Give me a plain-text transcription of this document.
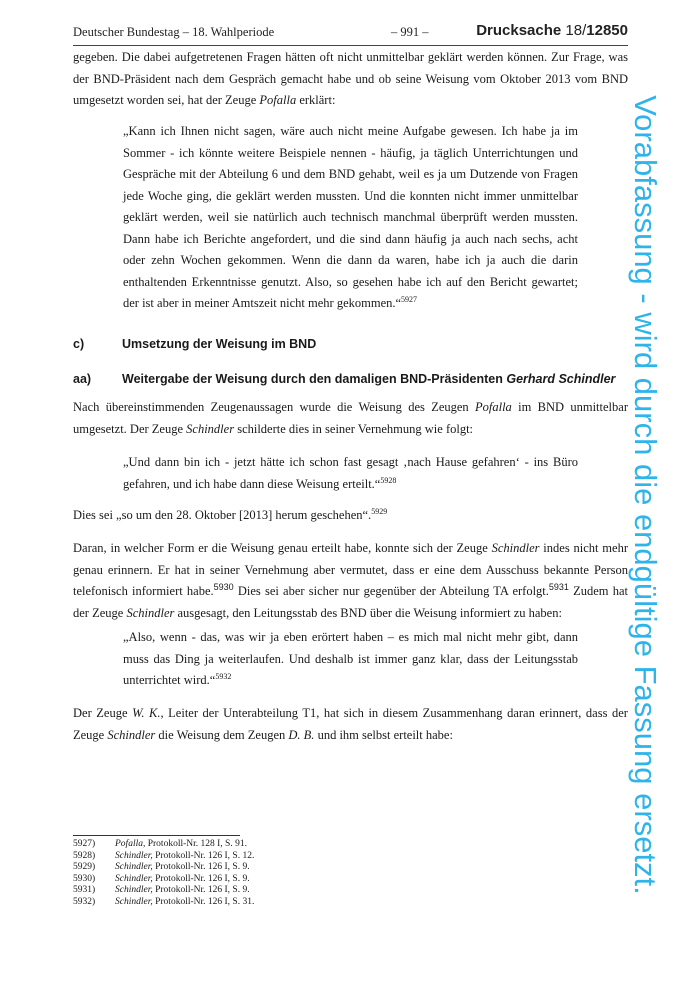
Deutscher Bundestag – 18. Wahlperiode	– 991 –	Drucksache 18/12850
gegeben. Die dabei aufgetretenen Fragen hätten oft nicht unmittelbar geklärt werden können. Zur Frage, was der BND-Präsident nach dem Gespräch gemacht habe und ob seine Weisung vom Oktober 2013 vom BND umgesetzt worden sei, hat der Zeuge Pofalla erklärt:
„Kann ich Ihnen nicht sagen, wäre auch nicht meine Aufgabe gewesen. Ich habe ja im Sommer - ich könnte weitere Beispiele nennen - häufig, ja täglich Unterrichtungen und Gespräche mit der Abteilung 6 und dem BND gehabt, weil es ja um Dutzende von Fragen jede Woche ging, die geklärt werden mussten. Und die konnten nicht immer unmittelbar geklärt werden, weil sie natürlich auch technisch manchmal überprüft werden mussten. Dann habe ich Berichte angefordert, und die sind dann häufig ja auch nach sechs, acht oder zehn Wochen gekommen. Wenn die dann da waren, habe ich ja auch die darin enthaltenden Erkenntnisse genutzt. Also, so gesehen habe ich auf den Bericht gewartet; der ist aber in meiner Amtszeit nicht mehr gekommen.“$^{5927}$
c)	Umsetzung der Weisung im BND
aa) Weitergabe der Weisung durch den damaligen BND-Präsidenten Gerhard Schindler
Nach übereinstimmenden Zeugenaussagen wurde die Weisung des Zeugen Pofalla im BND unmittelbar umgesetzt. Der Zeuge Schindler schilderte dies in seiner Vernehmung wie folgt:
„Und dann bin ich - jetzt hätte ich schon fast gesagt ‚nach Hause gefahren‘ - ins Büro gefahren, und ich habe dann diese Weisung erteilt.“$^{5928}$
Dies sei „so um den 28. Oktober [2013] herum geschehen“.$^{5929}$
Daran, in welcher Form er die Weisung genau erteilt habe, konnte sich der Zeuge Schindler indes nicht mehr genau erinnern. Er hat in seiner Vernehmung aber vermutet, dass er eine dem Ausschuss bekannte Person telefonisch informiert habe.$^{5930}$ Dies sei aber sicher nur gegenüber der Abteilung TA erfolgt.$^{5931}$ Zudem hat der Zeuge Schindler ausgesagt, den Leitungsstab des BND über die Weisung informiert zu haben:
„Also, wenn - das, was wir ja eben erörtert haben – es mich mal nicht mehr gibt, dann muss das Ding ja weiterlaufen. Und deshalb ist immer ganz klar, dass der Leitungsstab unterrichtet wird.“$^{5932}$
Der Zeuge W. K., Leiter der Unterabteilung T1, hat sich in diesem Zusammenhang daran erinnert, dass der Zeuge Schindler die Weisung dem Zeugen D. B. und ihm selbst erteilt habe:
5927)	Pofalla, Protokoll-Nr. 128 I, S. 91.
5928)	Schindler, Protokoll-Nr. 126 I, S. 12.
5929)	Schindler, Protokoll-Nr. 126 I, S. 9.
5930)	Schindler, Protokoll-Nr. 126 I, S. 9.
5931)	Schindler, Protokoll-Nr. 126 I, S. 9.
5932)	Schindler, Protokoll-Nr. 126 I, S. 31.
Vorabfassung - wird durch die endgültige Fassung ersetzt.
